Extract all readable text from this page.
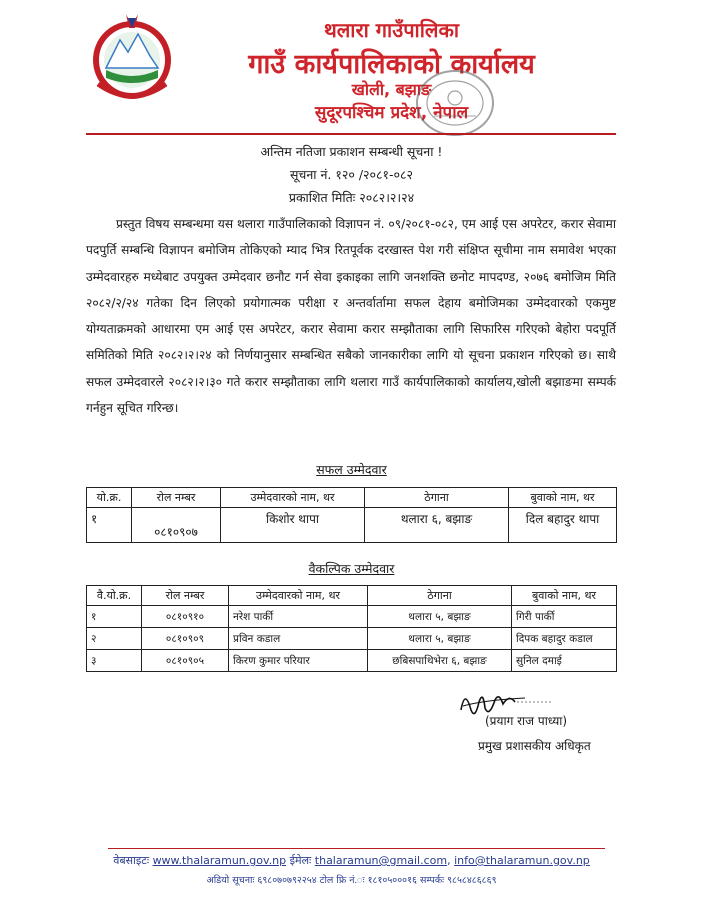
थलारा गाउँपालिका
गाउँ कार्यपालिकाको कार्यालय
खोली, बझाङ
सुदूरपश्चिम प्रदेश, नेपाल
अन्तिम नतिजा प्रकाशन सम्बन्धी सूचना !
सूचना नं. १२० /२०८१-०८२
प्रकाशित मितिः २०८२।२।२४
प्रस्तुत विषय सम्बन्धमा यस थलारा गाउँपालिकाको विज्ञापन नं. ०९/२०८१-०८२, एम आई एस अपरेटर, करार सेवामा पदपुर्ति सम्बन्धि विज्ञापन बमोजिम तोकिएको म्याद भित्र रितपूर्वक दरखास्त पेश गरी संक्षिप्त सूचीमा नाम समावेश भएका उम्मेदवारहरु मध्येबाट उपयुक्त उम्मेदवार छनौट गर्न सेवा इकाइका लागि जनशक्ति छनोट मापदण्ड, २०७६ बमोजिम मिति २०८२/२/२४ गतेका दिन लिएको प्रयोगात्मक परीक्षा र अन्तर्वार्तामा सफल देहाय बमोजिमका उम्मेदवारको एकमुष्ट योग्यताक्रमको आधारमा एम आई एस अपरेटर, करार सेवामा करार सम्झौताका लागि सिफारिस गरिएको बेहोरा पदपूर्ति समितिको मिति २०८२।२।२४ को निर्णयानुसार सम्बन्धित सबैको जानकारीका लागि यो सूचना प्रकाशन गरिएको छ। साथै सफल उम्मेदवारले २०८२।२।३० गते करार सम्झौताका लागि थलारा गाउँ कार्यपालिकाको कार्यालय,खोली बझाङमा सम्पर्क गर्नहुन सूचित गरिन्छ।
सफल उम्मेदवार
यो.क्र.	रोल नम्बर	उम्मेदवारको नाम, थर	ठेगाना	बुवाको नाम, थर
१	०८१०९०७	किशोर थापा	थलारा ६, बझाङ	दिल बहादुर थापा
वैकल्पिक उम्मेदवार
वै.यो.क्र.	रोल नम्बर	उम्मेदवारको नाम, थर	ठेगाना	बुवाको नाम, थर
१	०८१०९१०	नरेश पार्की	थलारा ५, बझाङ	गिरी पार्की
२	०८१०९०९	प्रविन कडाल	थलारा ५, बझाङ	दिपक बहादुर कडाल
३	०८१०९०५	किरण कुमार परियार	छबिसपाथिभेरा ६, बझाङ	सुनिल दमाई
(प्रयाग राज पाध्या)
प्रमुख प्रशासकीय अधिकृत
वेबसाइटः www.thalaramun.gov.np ईमेलः thalaramun@gmail.com, info@thalaramun.gov.np
अडियो सूचनाः ६९८०७०७९२२५४ टोल फ्रि नं.ः १८१०५०००१६ सम्पर्कः ९८५८४८६८६९
